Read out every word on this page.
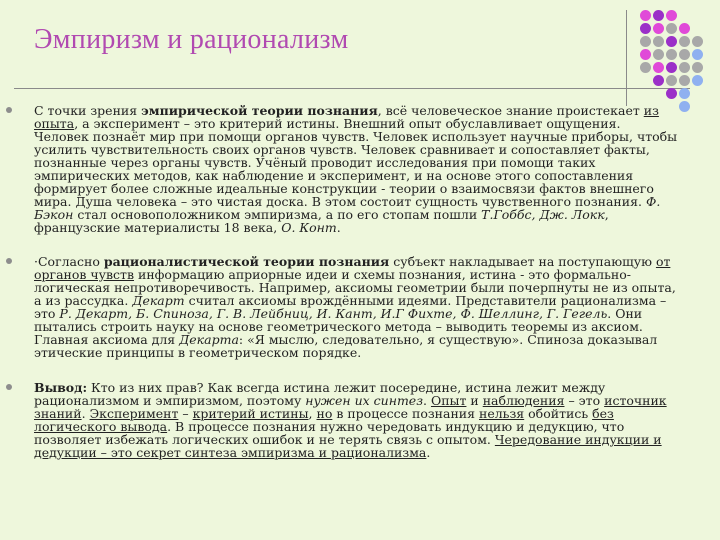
Эмпиризм и рационализм

С точки зрения эмпирической теории познания, всё человеческое знание проистекает из опыта, а эксперимент – это критерий истины. Внешний опыт обуславливает ощущения. Человек познаёт мир при помощи органов чувств. Человек использует научные приборы, чтобы усилить чувствительность своих органов чувств. Человек сравнивает и сопоставляет факты, познанные через органы чувств. Учёный проводит исследования при помощи таких эмпирических методов, как наблюдение и эксперимент, и на основе этого сопоставления формирует более сложные идеальные конструкции - теории о взаимосвязи фактов внешнего мира. Душа человека – это чистая доска. В этом состоит сущность чувственного познания. Ф. Бэкон стал основоположником эмпиризма, а по его стопам пошли Т.Гоббс, Дж. Локк, французские материалисты 18 века, О. Конт.

·Согласно рационалистической теории познания субъект накладывает на поступающую от органов чувств информацию априорные идеи и схемы познания, истина - это формально-логическая непротиворечивость. Например, аксиомы геометрии были почерпнуты не из опыта, а из рассудка. Декарт считал аксиомы врождёнными идеями. Представители рационализма – это Р. Декарт, Б. Спиноза, Г. В. Лейбниц, И. Кант, И.Г Фихте, Ф. Шеллинг, Г. Гегель. Они пытались строить науку на основе геометрического метода – выводить теоремы из аксиом. Главная аксиома для Декарта: «Я мыслю, следовательно, я существую». Спиноза доказывал этические принципы в геометрическом порядке.

Вывод: Кто из них прав? Как всегда истина лежит посередине, истина лежит между рационализмом и эмпиризмом, поэтому нужен их синтез. Опыт и наблюдения – это источник знаний. Эксперимент – критерий истины, но в процессе познания нельзя обойтись без логического вывода. В процессе познания нужно чередовать индукцию и дедукцию, что позволяет избежать логических ошибок и не терять связь с опытом. Чередование индукции и дедукции – это секрет синтеза эмпиризма и рационализма.
